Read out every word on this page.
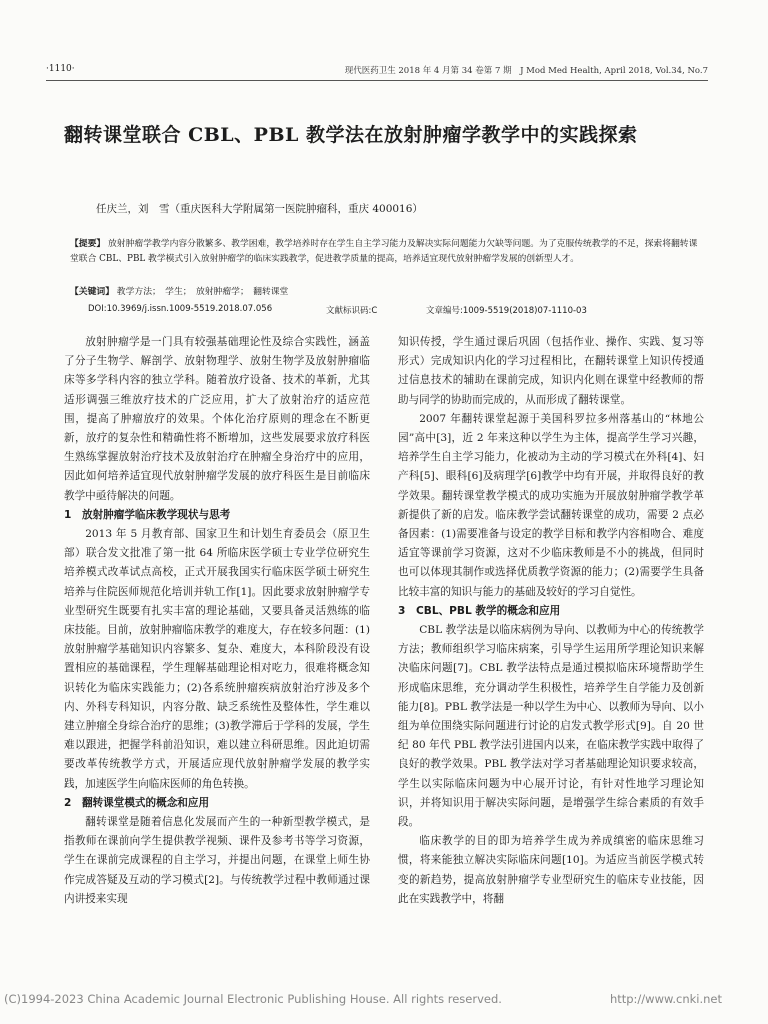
·1110·	现代医药卫生 2018 年 4 月第 34 卷第 7 期　J Mod Med Health, April 2018, Vol.34, No.7
翻转课堂联合 CBL、PBL 教学法在放射肿瘤学教学中的实践探索
任庆兰，刘　雪（重庆医科大学附属第一医院肿瘤科，重庆 400016）
【提要】 放射肿瘤学教学内容分散繁多、教学困难，教学培养时存在学生自主学习能力及解决实际问题能力欠缺等问题。为了克服传统教学的不足，探索将翻转课堂联合 CBL、PBL 教学模式引入放射肿瘤学的临床实践教学，促进教学质量的提高，培养适宜现代放射肿瘤学发展的创新型人才。
【关键词】 教学方法；　学生；　放射肿瘤学；　翻转课堂
DOI:10.3969/j.issn.1009-5519.2018.07.056	文献标识码:C	文章编号:1009-5519(2018)07-1110-03

放射肿瘤学是一门具有较强基础理论性及综合实践性，涵盖了分子生物学、解剖学、放射物理学、放射生物学及放射肿瘤临床等多学科内容的独立学科。随着放疗设备、技术的革新，尤其适形调强三维放疗技术的广泛应用，扩大了放射治疗的适应范围，提高了肿瘤放疗的效果。个体化治疗原则的理念在不断更新，放疗的复杂性和精确性将不断增加，这些发展要求放疗科医生熟练掌握放射治疗技术及放射治疗在肿瘤全身治疗中的应用，因此如何培养适宜现代放射肿瘤学发展的放疗科医生是目前临床教学中亟待解决的问题。

1　放射肿瘤学临床教学现状与思考

2013 年 5 月教育部、国家卫生和计划生育委员会（原卫生部）联合发文批准了第一批 64 所临床医学硕士专业学位研究生培养模式改革试点高校，正式开展我国实行临床医学硕士研究生培养与住院医师规范化培训并轨工作[1]。因此要求放射肿瘤学专业型研究生既要有扎实丰富的理论基础，又要具备灵活熟练的临床技能。目前，放射肿瘤临床教学的难度大，存在较多问题：(1)放射肿瘤学基础知识内容繁多、复杂、难度大，本科阶段没有设置相应的基础课程，学生理解基础理论相对吃力，很难将概念知识转化为临床实践能力；(2)各系统肿瘤疾病放射治疗涉及多个内、外科专科知识，内容分散、缺乏系统性及整体性，学生难以建立肿瘤全身综合治疗的思维；(3)教学滞后于学科的发展，学生难以跟进，把握学科前沿知识，难以建立科研思维。因此迫切需要改革传统教学方式，开展适应现代放射肿瘤学发展的教学实践，加速医学生向临床医师的角色转换。

2　翻转课堂模式的概念和应用

翻转课堂是随着信息化发展而产生的一种新型教学模式，是指教师在课前向学生提供教学视频、课件及参考书等学习资源，学生在课前完成课程的自主学习，并提出问题，在课堂上师生协作完成答疑及互动的学习模式[2]。与传统教学过程中教师通过课内讲授来实现

知识传授，学生通过课后巩固（包括作业、操作、实践、复习等形式）完成知识内化的学习过程相比，在翻转课堂上知识传授通过信息技术的辅助在课前完成，知识内化则在课堂中经教师的帮助与同学的协助而完成的，从而形成了翻转课堂。

2007 年翻转课堂起源于美国科罗拉多州落基山的“林地公园”高中[3]，近 2 年来这种以学生为主体，提高学生学习兴趣，培养学生自主学习能力，化被动为主动的学习模式在外科[4]、妇产科[5]、眼科[6]及病理学[6]教学中均有开展，并取得良好的教学效果。翻转课堂教学模式的成功实施为开展放射肿瘤学教学革新提供了新的启发。临床教学尝试翻转课堂的成功，需要 2 点必备因素：(1)需要准备与设定的教学目标和教学内容相吻合、难度适宜等课前学习资源，这对不少临床教师是不小的挑战，但同时也可以体现其制作或选择优质教学资源的能力；(2)需要学生具备比较丰富的知识与能力的基础及较好的学习自觉性。

3　CBL、PBL 教学的概念和应用

CBL 教学法是以临床病例为导向、以教师为中心的传统教学方法；教师组织学习临床病案，引导学生运用所学理论知识来解决临床问题[7]。CBL 教学法特点是通过模拟临床环境帮助学生形成临床思维，充分调动学生积极性，培养学生自学能力及创新能力[8]。PBL 教学法是一种以学生为中心、以教师为导向、以小组为单位围绕实际问题进行讨论的启发式教学形式[9]。自 20 世纪 80 年代 PBL 教学法引进国内以来，在临床教学实践中取得了良好的教学效果。PBL 教学法对学习者基础理论知识要求较高，学生以实际临床问题为中心展开讨论，有针对性地学习理论知识，并将知识用于解决实际问题，是增强学生综合素质的有效手段。

临床教学的目的即为培养学生成为养成缜密的临床思维习惯，将来能独立解决实际临床问题[10]。为适应当前医学模式转变的新趋势，提高放射肿瘤学专业型研究生的临床专业技能，因此在实践教学中，将翻

(C)1994-2023 China Academic Journal Electronic Publishing House. All rights reserved.	http://www.cnki.net
